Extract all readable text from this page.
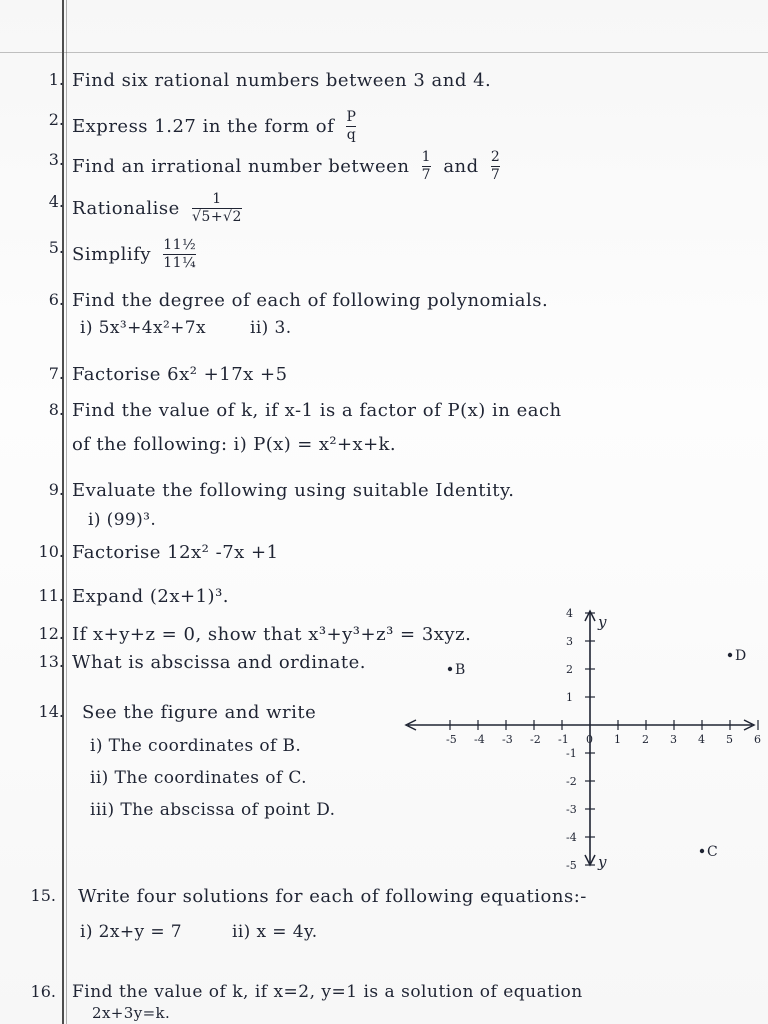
1. Find six rational numbers between 3 and 4.
2. Express 1.27 in the form of $\frac{P}{q}$
3. Find an irrational number between $\frac{1}{7}$ and $\frac{2}{7}$
4. Rationalise $\frac{1}{√5+√2}$
5. Simplify $\frac{\text{11½}}{\text{11¼}}$
6. Find the degree of each of following polynomials.
i) 5x³+4x²+7x	ii) 3.
7. Factorise 6x² +17x +5
8. Find the value of k, if x-1 is a factor of P(x) in each
of the following: i) P(x) = x²+x+k.
9. Evaluate the following using suitable Identity.
i) (99)³.
10. Factorise 12x² -7x +1
11. Expand (2x+1)³.
12. If x+y+z = 0, show that x³+y³+z³ = 3xyz.
13. What is abscissa and ordinate.
14. See the figure and write
i) The coordinates of B.
ii) The coordinates of C.
iii) The abscissa of point D.
-5 -4 -3 -2 -1 0 1 2 3 4 5 6
4
3
2
1
-1
-2
-3
-4
-5
y
y
B
C
D
15. Write four solutions for each of following equations:-
i) 2x+y = 7	ii) x = 4y.
16. Find the value of k, if x=2, y=1 is a solution of equation
2x+3y=k.
